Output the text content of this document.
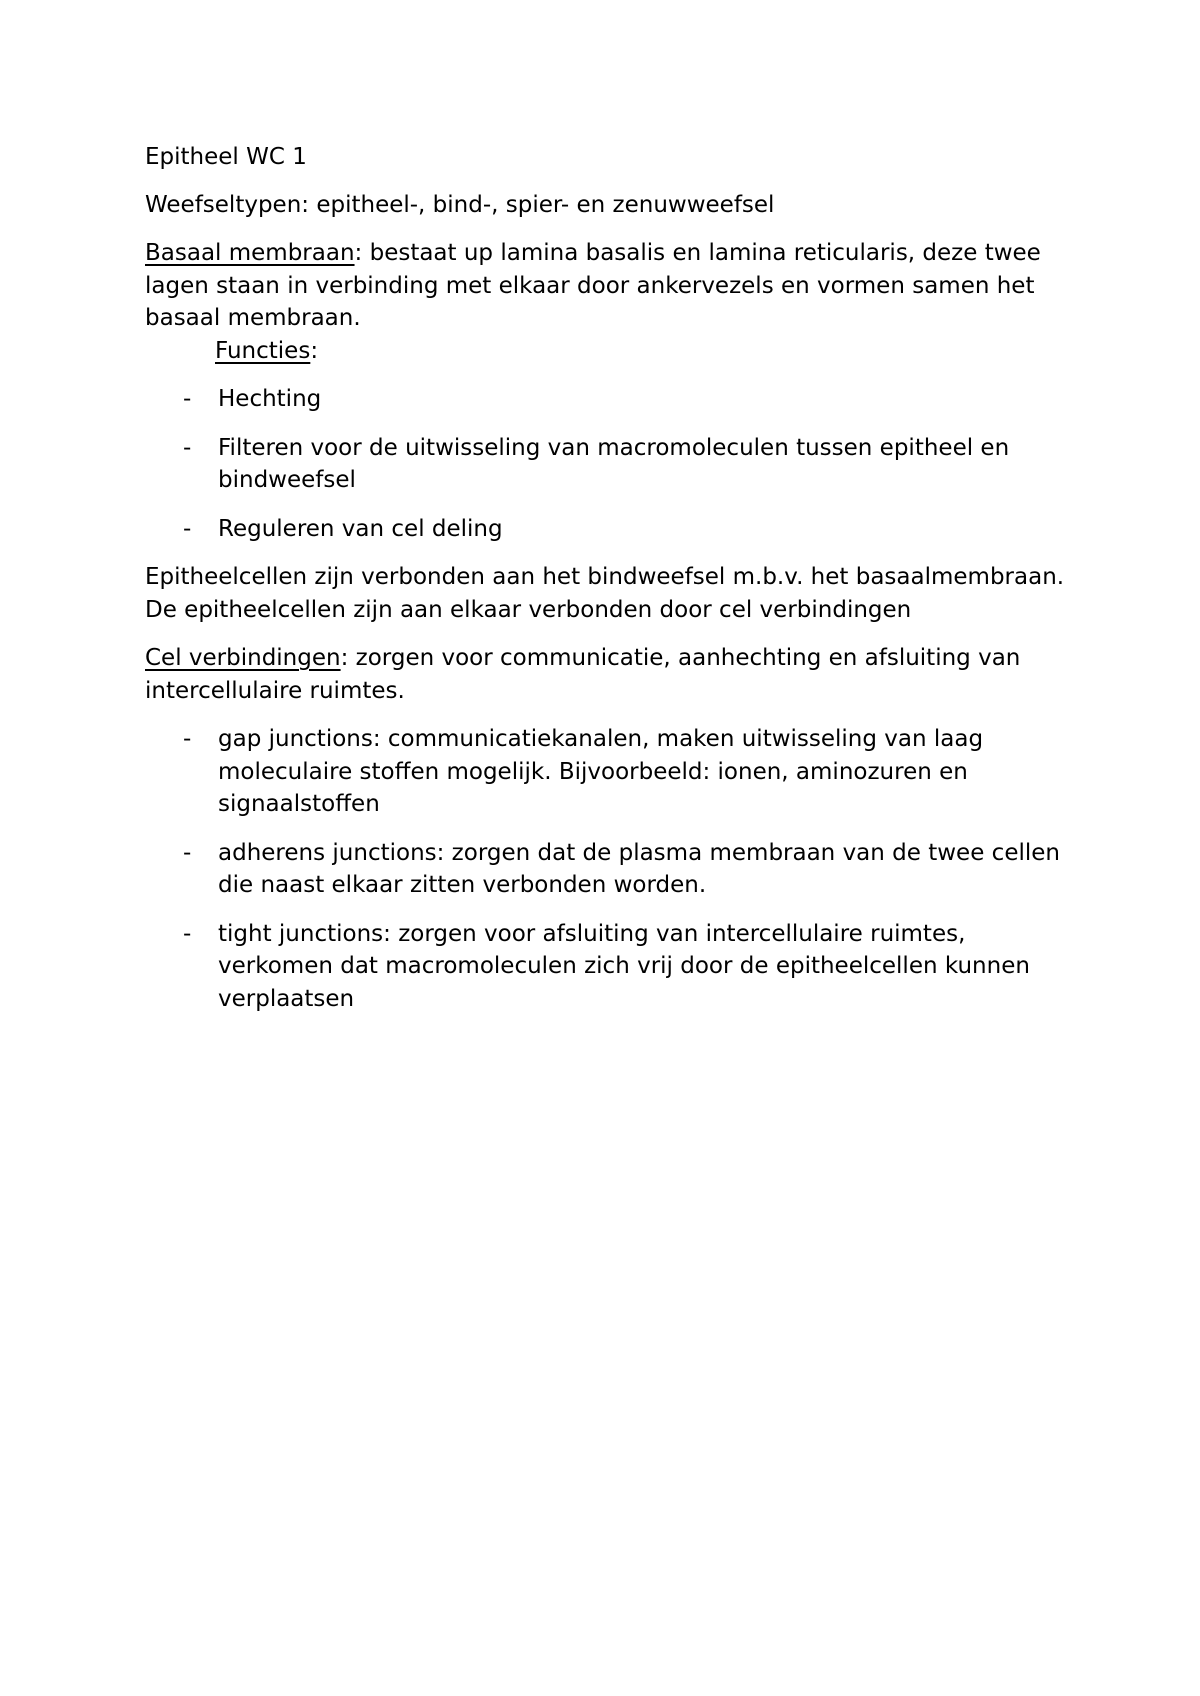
Epitheel WC 1

Weefseltypen: epitheel-, bind-, spier- en zenuwweefsel

Basaal membraan: bestaat up lamina basalis en lamina reticularis, deze twee lagen staan in verbinding met elkaar door ankervezels en vormen samen het basaal membraan.

Functies:

- Hechting
- Filteren voor de uitwisseling van macromoleculen tussen epitheel en bindweefsel
- Reguleren van cel deling

Epitheelcellen zijn verbonden aan het bindweefsel m.b.v. het basaalmembraan. De epitheelcellen zijn aan elkaar verbonden door cel verbindingen

Cel verbindingen: zorgen voor communicatie, aanhechting en afsluiting van intercellulaire ruimtes.

- gap junctions: communicatiekanalen, maken uitwisseling van laag moleculaire stoffen mogelijk. Bijvoorbeeld: ionen, aminozuren en signaalstoffen
- adherens junctions: zorgen dat de plasma membraan van de twee cellen die naast elkaar zitten verbonden worden.
- tight junctions: zorgen voor afsluiting van intercellulaire ruimtes, verkomen dat macromoleculen zich vrij door de epitheelcellen kunnen verplaatsen
